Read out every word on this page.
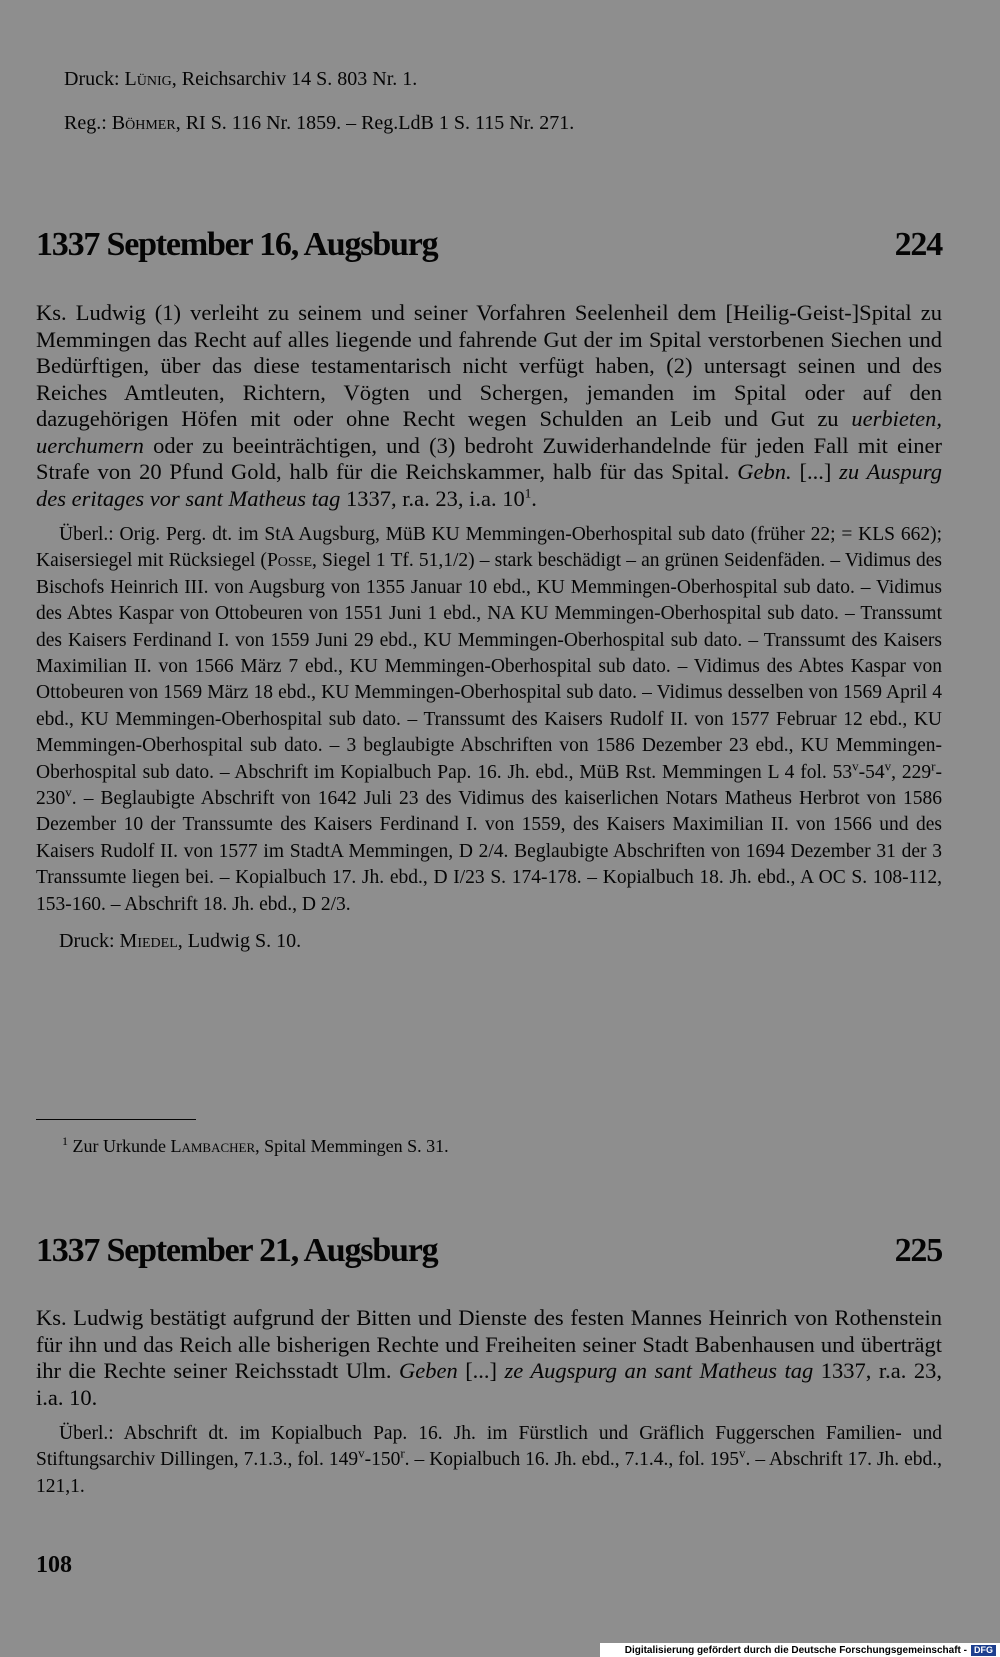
Druck: Lünig, Reichsarchiv 14 S. 803 Nr. 1.

Reg.: Böhmer, RI S. 116 Nr. 1859. – Reg.LdB 1 S. 115 Nr. 271.

1337 September 16, Augsburg	224

Ks. Ludwig (1) verleiht zu seinem und seiner Vorfahren Seelenheil dem [Heilig-Geist-]Spital zu Memmingen das Recht auf alles liegende und fahrende Gut der im Spital verstorbenen Siechen und Bedürftigen, über das diese testamentarisch nicht verfügt haben, (2) untersagt seinen und des Reiches Amtleuten, Richtern, Vögten und Schergen, jemanden im Spital oder auf den dazugehörigen Höfen mit oder ohne Recht wegen Schulden an Leib und Gut zu uerbieten, uerchumern oder zu beeinträchtigen, und (3) bedroht Zuwiderhandelnde für jeden Fall mit einer Strafe von 20 Pfund Gold, halb für die Reichskammer, halb für das Spital. Gebn. [...] zu Auspurg des eritages vor sant Matheus tag 1337, r.a. 23, i.a. $10^1$.

Überl.: Orig. Perg. dt. im StA Augsburg, MüB KU Memmingen-Oberhospital sub dato (früher 22; = KLS 662); Kaisersiegel mit Rücksiegel (Posse, Siegel 1 Tf. 51,1/2) – stark beschädigt – an grünen Seidenfäden. – Vidimus des Bischofs Heinrich III. von Augsburg von 1355 Januar 10 ebd., KU Memmingen-Oberhospital sub dato. – Vidimus des Abtes Kaspar von Ottobeuren von 1551 Juni 1 ebd., NA KU Memmingen-Oberhospital sub dato. – Transsumt des Kaisers Ferdinand I. von 1559 Juni 29 ebd., KU Memmingen-Oberhospital sub dato. – Transsumt des Kaisers Maximilian II. von 1566 März 7 ebd., KU Memmingen-Oberhospital sub dato. – Vidimus des Abtes Kaspar von Ottobeuren von 1569 März 18 ebd., KU Memmingen-Oberhospital sub dato. – Vidimus desselben von 1569 April 4 ebd., KU Memmingen-Oberhospital sub dato. – Transsumt des Kaisers Rudolf II. von 1577 Februar 12 ebd., KU Memmingen-Oberhospital sub dato. – 3 beglaubigte Abschriften von 1586 Dezember 23 ebd., KU Memmingen-Oberhospital sub dato. – Abschrift im Kopialbuch Pap. 16. Jh. ebd., MüB Rst. Memmingen L 4 fol. 53$^v$-54$^v$, 229$^r$-230$^v$. – Beglaubigte Abschrift von 1642 Juli 23 des Vidimus des kaiserlichen Notars Matheus Herbrot von 1586 Dezember 10 der Transsumte des Kaisers Ferdinand I. von 1559, des Kaisers Maximilian II. von 1566 und des Kaisers Rudolf II. von 1577 im StadtA Memmingen, D 2/4. Beglaubigte Abschriften von 1694 Dezember 31 der 3 Transsumte liegen bei. – Kopialbuch 17. Jh. ebd., D I/23 S. 174-178. – Kopialbuch 18. Jh. ebd., A OC S. 108-112, 153-160. – Abschrift 18. Jh. ebd., D 2/3.

Druck: Miedel, Ludwig S. 10.

$^1$ Zur Urkunde Lambacher, Spital Memmingen S. 31.

1337 September 21, Augsburg	225

Ks. Ludwig bestätigt aufgrund der Bitten und Dienste des festen Mannes Heinrich von Rothenstein für ihn und das Reich alle bisherigen Rechte und Freiheiten seiner Stadt Babenhausen und überträgt ihr die Rechte seiner Reichsstadt Ulm. Geben [...] ze Augspurg an sant Matheus tag 1337, r.a. 23, i.a. 10.

Überl.: Abschrift dt. im Kopialbuch Pap. 16. Jh. im Fürstlich und Gräflich Fuggerschen Familien- und Stiftungsarchiv Dillingen, 7.1.3., fol. 149$^v$-150$^r$. – Kopialbuch 16. Jh. ebd., 7.1.4., fol. 195$^v$. – Abschrift 17. Jh. ebd., 121,1.

108
Digitalisierung gefördert durch die Deutsche Forschungsgemeinschaft - DFG
